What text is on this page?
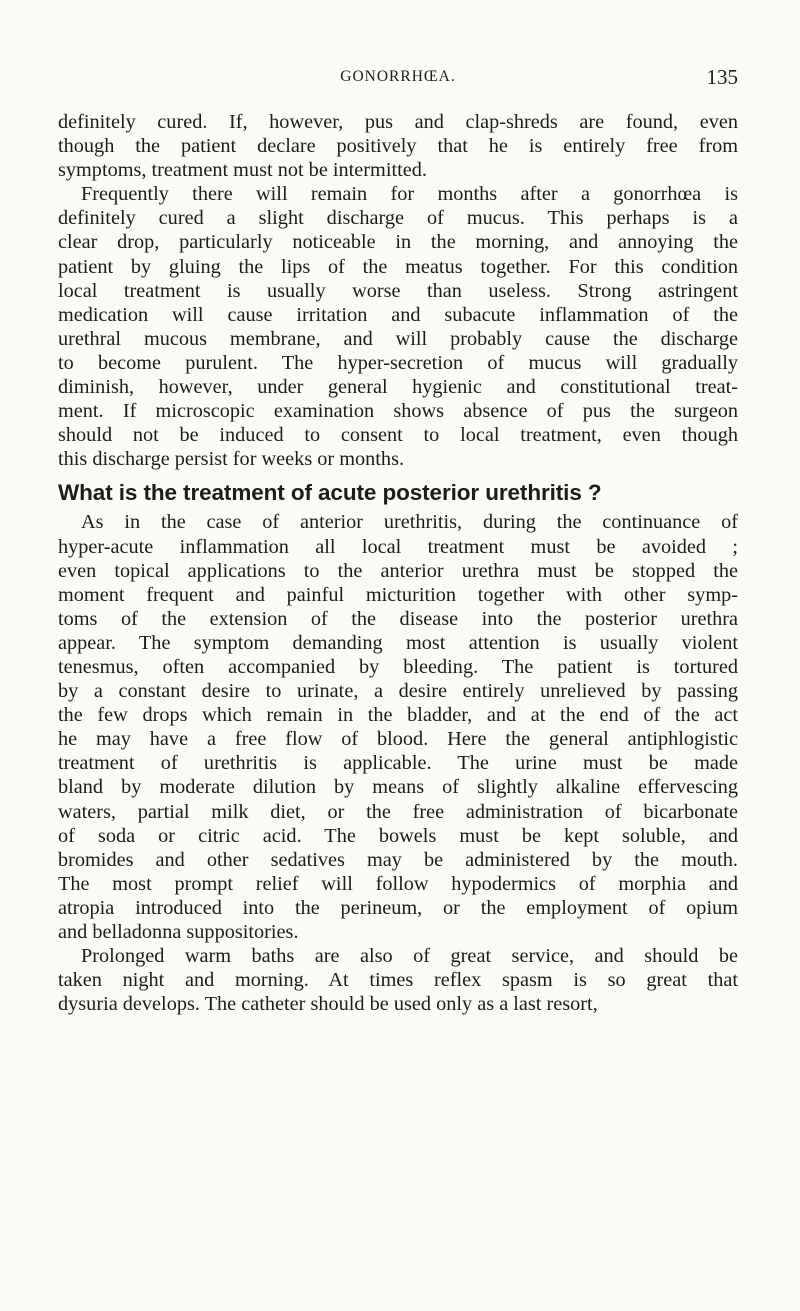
GONORRHŒA.	135
definitely cured. If, however, pus and clap-shreds are found, even
though the patient declare positively that he is entirely free from
symptoms, treatment must not be intermitted.
Frequently there will remain for months after a gonorrhœa is
definitely cured a slight discharge of mucus. This perhaps is a
clear drop, particularly noticeable in the morning, and annoying the
patient by gluing the lips of the meatus together. For this condition
local treatment is usually worse than useless. Strong astringent
medication will cause irritation and subacute inflammation of the
urethral mucous membrane, and will probably cause the discharge
to become purulent. The hyper-secretion of mucus will gradually
diminish, however, under general hygienic and constitutional treat-
ment. If microscopic examination shows absence of pus the surgeon
should not be induced to consent to local treatment, even though
this discharge persist for weeks or months.
What is the treatment of acute posterior urethritis ?
As in the case of anterior urethritis, during the continuance of
hyper-acute inflammation all local treatment must be avoided ;
even topical applications to the anterior urethra must be stopped the
moment frequent and painful micturition together with other symp-
toms of the extension of the disease into the posterior urethra
appear. The symptom demanding most attention is usually violent
tenesmus, often accompanied by bleeding. The patient is tortured
by a constant desire to urinate, a desire entirely unrelieved by passing
the few drops which remain in the bladder, and at the end of the act
he may have a free flow of blood. Here the general antiphlogistic
treatment of urethritis is applicable. The urine must be made
bland by moderate dilution by means of slightly alkaline effervescing
waters, partial milk diet, or the free administration of bicarbonate
of soda or citric acid. The bowels must be kept soluble, and
bromides and other sedatives may be administered by the mouth.
The most prompt relief will follow hypodermics of morphia and
atropia introduced into the perineum, or the employment of opium
and belladonna suppositories.
Prolonged warm baths are also of great service, and should be
taken night and morning. At times reflex spasm is so great that
dysuria develops. The catheter should be used only as a last resort,
